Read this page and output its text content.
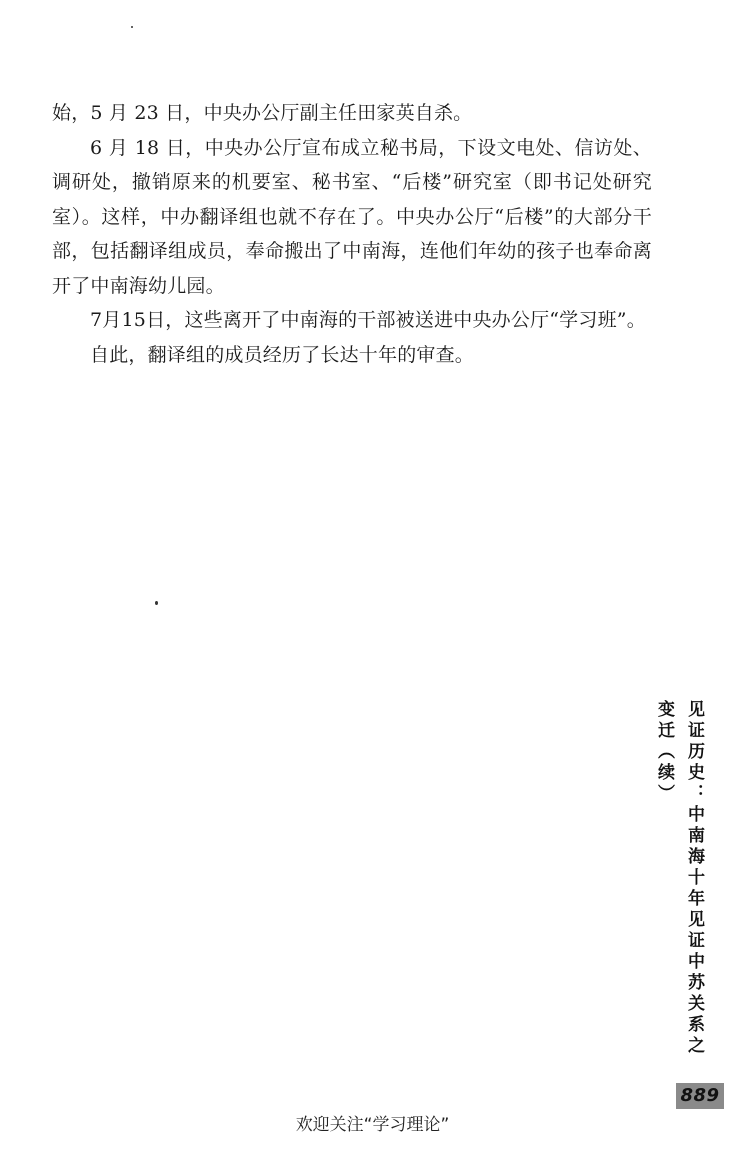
始，5 月 23 日，中央办公厅副主任田家英自杀。

6 月 18 日，中央办公厅宣布成立秘书局，下设文电处、信访处、调研处，撤销原来的机要室、秘书室、“后楼”研究室（即书记处研究室）。这样，中办翻译组也就不存在了。中央办公厅“后楼”的大部分干部，包括翻译组成员，奉命搬出了中南海，连他们年幼的孩子也奉命离开了中南海幼儿园。

7月15日，这些离开了中南海的干部被送进中央办公厅“学习班”。

自此，翻译组的成员经历了长达十年的审查。

见证历史：中南海十年见证中苏关系之变迁（续）
889
欢迎关注“学习理论”
